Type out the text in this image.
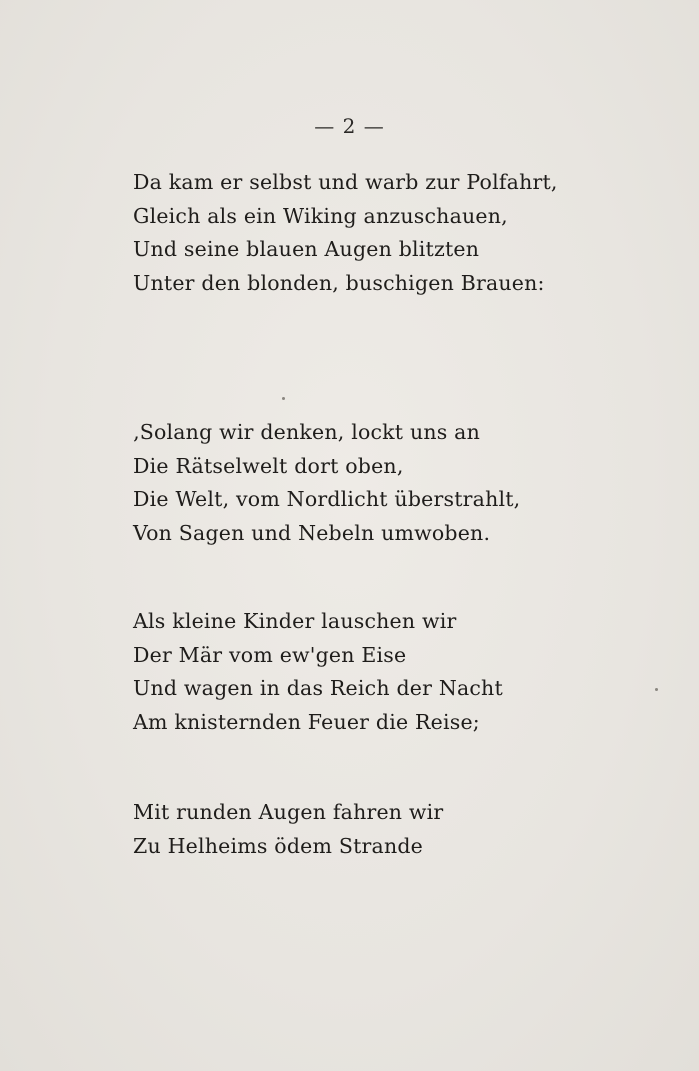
— 2 —
Da kam er selbst und warb zur Polfahrt,
Gleich als ein Wiking anzuschauen,
Und seine blauen Augen blitzten
Unter den blonden, buschigen Brauen:
‚Solang wir denken, lockt uns an
Die Rätselwelt dort oben,
Die Welt, vom Nordlicht überstrahlt,
Von Sagen und Nebeln umwoben.
Als kleine Kinder lauschen wir
Der Mär vom ew'gen Eise
Und wagen in das Reich der Nacht
Am knisternden Feuer die Reise;
Mit runden Augen fahren wir
Zu Helheims ödem Strande
